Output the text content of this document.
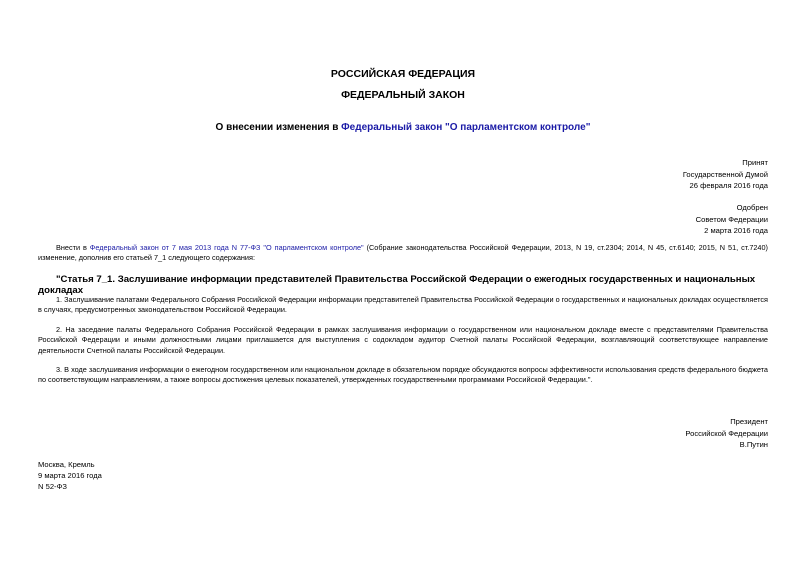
РОССИЙСКАЯ ФЕДЕРАЦИЯ
ФЕДЕРАЛЬНЫЙ ЗАКОН
О внесении изменения в Федеральный закон "О парламентском контроле"
Принят
Государственной Думой
26 февраля 2016 года
Одобрен
Советом Федерации
2 марта 2016 года
Внести в Федеральный закон от 7 мая 2013 года N 77-ФЗ "О парламентском контроле" (Собрание законодательства Российской Федерации, 2013, N 19, ст.2304; 2014, N 45, ст.6140; 2015, N 51, ст.7240) изменение, дополнив его статьей 7_1 следующего содержания:
"Статья 7_1. Заслушивание информации представителей Правительства Российской Федерации о ежегодных государственных и национальных докладах
1. Заслушивание палатами Федерального Собрания Российской Федерации информации представителей Правительства Российской Федерации о государственных и национальных докладах осуществляется в случаях, предусмотренных законодательством Российской Федерации.
2. На заседание палаты Федерального Собрания Российской Федерации в рамках заслушивания информации о государственном или национальном докладе вместе с представителями Правительства Российской Федерации и иными должностными лицами приглашается для выступления с содокладом аудитор Счетной палаты Российской Федерации, возглавляющий соответствующее направление деятельности Счетной палаты Российской Федерации.
3. В ходе заслушивания информации о ежегодном государственном или национальном докладе в обязательном порядке обсуждаются вопросы эффективности использования средств федерального бюджета по соответствующим направлениям, а также вопросы достижения целевых показателей, утвержденных государственными программами Российской Федерации.".
Президент
Российской Федерации
В.Путин
Москва, Кремль
9 марта 2016 года
N 52-ФЗ
